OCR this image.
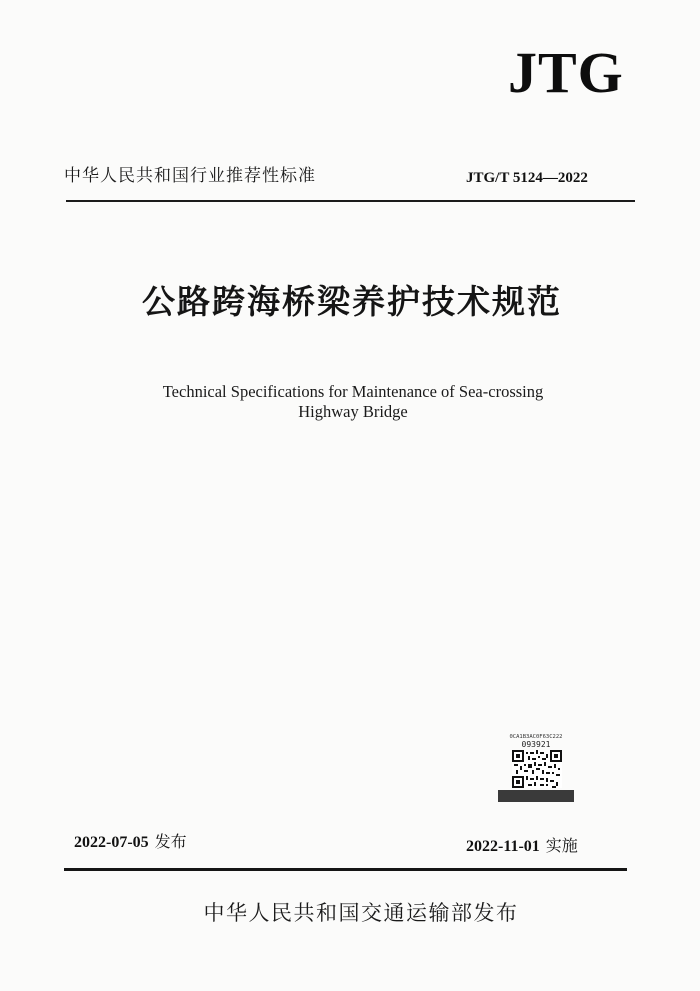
JTG
中华人民共和国行业推荐性标准	JTG/T 5124—2022
公路跨海桥梁养护技术规范
Technical Specifications for Maintenance of Sea-crossing
Highway Bridge
0CA1B3AC0F63C222
093921
2022-07-05 发布	2022-11-01 实施
中华人民共和国交通运输部发布
